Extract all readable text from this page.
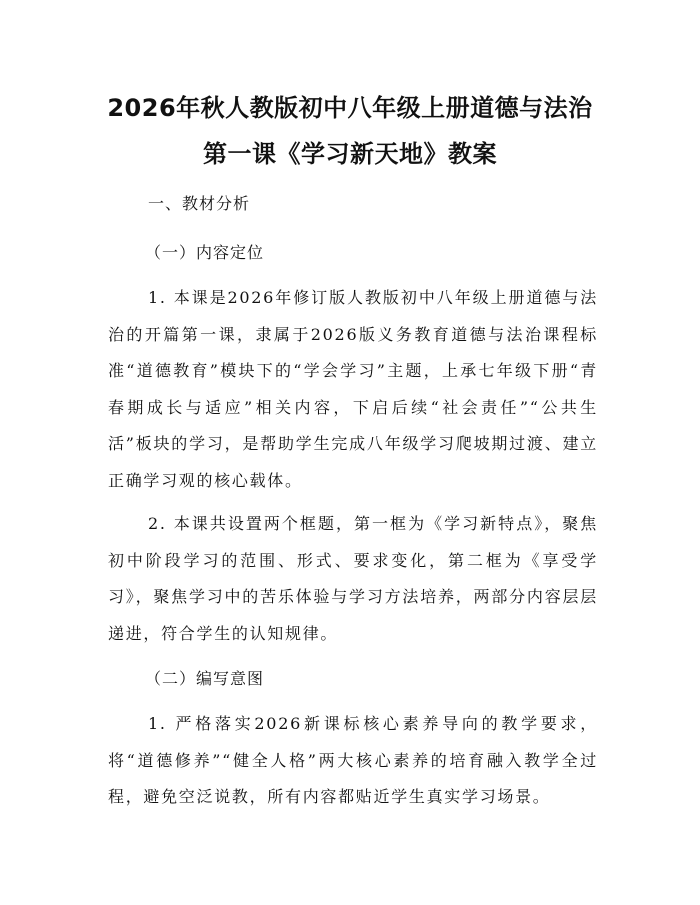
2026年秋人教版初中八年级上册道德与法治
第一课《学习新天地》教案
一、教材分析
（一）内容定位
1. 本课是2026年修订版人教版初中八年级上册道德与法治的开篇第一课，隶属于2026版义务教育道德与法治课程标准“道德教育”模块下的“学会学习”主题，上承七年级下册“青春期成长与适应”相关内容，下启后续“社会责任”“公共生活”板块的学习，是帮助学生完成八年级学习爬坡期过渡、建立正确学习观的核心载体。
2. 本课共设置两个框题，第一框为《学习新特点》，聚焦初中阶段学习的范围、形式、要求变化，第二框为《享受学习》，聚焦学习中的苦乐体验与学习方法培养，两部分内容层层递进，符合学生的认知规律。
（二）编写意图
1. 严格落实2026新课标核心素养导向的教学要求，将“道德修养”“健全人格”两大核心素养的培育融入教学全过程，避免空泛说教，所有内容都贴近学生真实学习场景。
